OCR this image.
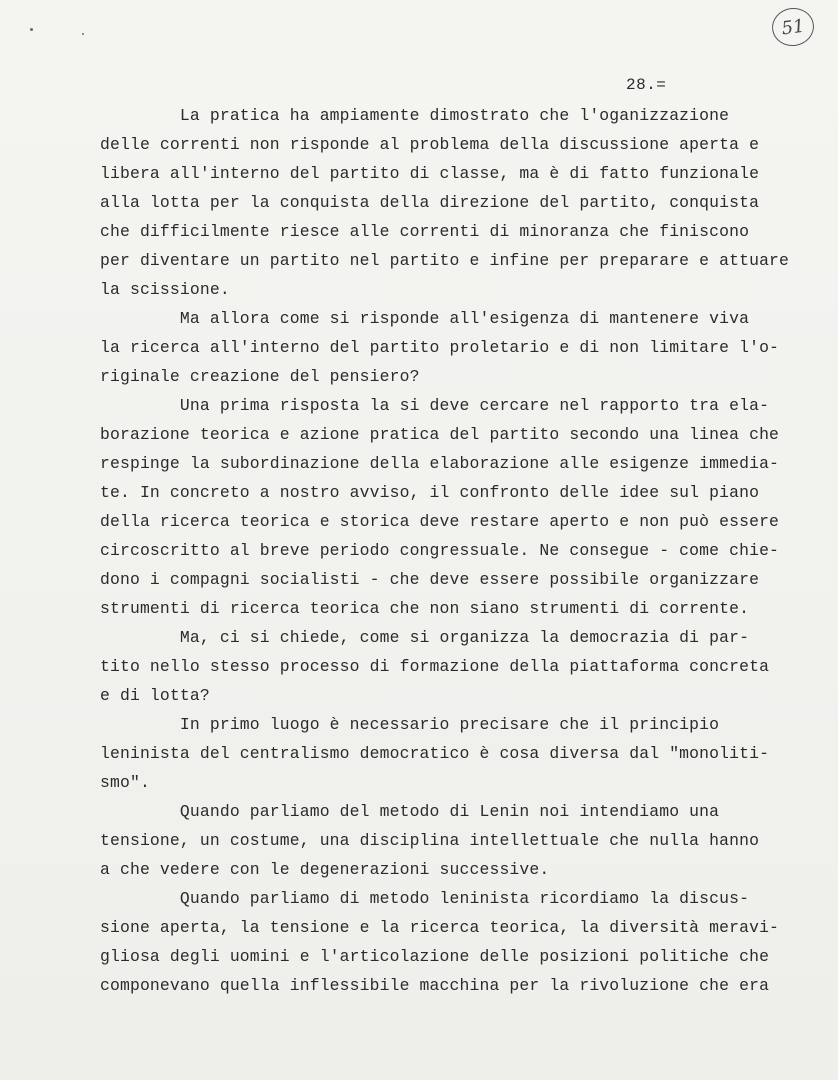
51
28.=
La pratica ha ampiamente dimostrato che l'oganizzazione
delle correnti non risponde al problema della discussione aperta e
libera all'interno del partito di classe, ma è di fatto funzionale
alla lotta per la conquista della direzione del partito, conquista
che difficilmente riesce alle correnti di minoranza che finiscono
per diventare un partito nel partito e infine per preparare e attuare
la scissione.
Ma allora come si risponde all'esigenza di mantenere viva
la ricerca all'interno del partito proletario e di non limitare l'o-
riginale creazione del pensiero?
Una prima risposta la si deve cercare nel rapporto tra ela-
borazione teorica e azione pratica del partito secondo una linea che
respinge la subordinazione della elaborazione alle esigenze immedia-
te. In concreto a nostro avviso, il confronto delle idee sul piano
della ricerca teorica e storica deve restare aperto e non può essere
circoscritto al breve periodo congressuale. Ne consegue - come chie-
dono i compagni socialisti - che deve essere possibile organizzare
strumenti di ricerca teorica che non siano strumenti di corrente.
Ma, ci si chiede, come si organizza la democrazia di par-
tito nello stesso processo di formazione della piattaforma concreta
e di lotta?
In primo luogo è necessario precisare che il principio
leninista del centralismo democratico è cosa diversa dal "monoliti-
smo".
Quando parliamo del metodo di Lenin noi intendiamo una
tensione, un costume, una disciplina intellettuale che nulla hanno
a che vedere con le degenerazioni successive.
Quando parliamo di metodo leninista ricordiamo la discus-
sione aperta, la tensione e la ricerca teorica, la diversità meravi-
gliosa degli uomini e l'articolazione delle posizioni politiche che
componevano quella inflessibile macchina per la rivoluzione che era
